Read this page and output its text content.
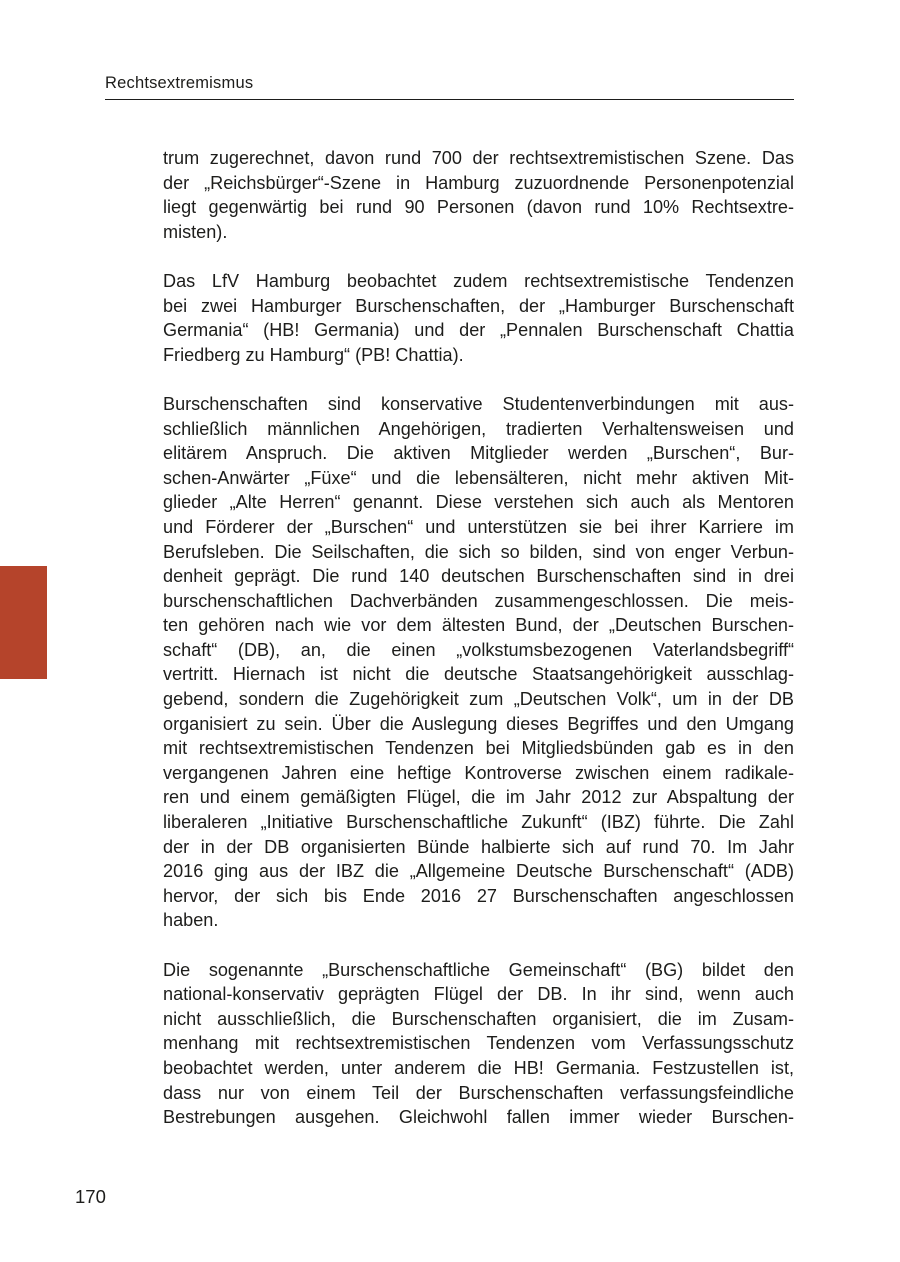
Rechtsextremismus
trum zugerechnet, davon rund 700 der rechtsextremistischen Szene. Das
der „Reichsbürger“-Szene in Hamburg zuzuordnende Personenpotenzial
liegt gegenwärtig bei rund 90 Personen (davon rund 10% Rechtsextre-
misten).
Das LfV Hamburg beobachtet zudem rechtsextremistische Tendenzen
bei zwei Hamburger Burschenschaften, der „Hamburger Burschenschaft
Germania“ (HB! Germania) und der „Pennalen Burschenschaft Chattia
Friedberg zu Hamburg“ (PB! Chattia).
Burschenschaften sind konservative Studentenverbindungen mit aus-
schließlich männlichen Angehörigen, tradierten Verhaltensweisen und
elitärem Anspruch. Die aktiven Mitglieder werden „Burschen“, Bur-
schen-Anwärter „Füxe“ und die lebensälteren, nicht mehr aktiven Mit-
glieder „Alte Herren“ genannt. Diese verstehen sich auch als Mentoren
und Förderer der „Burschen“ und unterstützen sie bei ihrer Karriere im
Berufsleben. Die Seilschaften, die sich so bilden, sind von enger Verbun-
denheit geprägt. Die rund 140 deutschen Burschenschaften sind in drei
burschenschaftlichen Dachverbänden zusammengeschlossen. Die meis-
ten gehören nach wie vor dem ältesten Bund, der „Deutschen Burschen-
schaft“ (DB), an, die einen „volkstumsbezogenen Vaterlandsbegriff“
vertritt. Hiernach ist nicht die deutsche Staatsangehörigkeit ausschlag-
gebend, sondern die Zugehörigkeit zum „Deutschen Volk“, um in der DB
organisiert zu sein. Über die Auslegung dieses Begriffes und den Umgang
mit rechtsextremistischen Tendenzen bei Mitgliedsbünden gab es in den
vergangenen Jahren eine heftige Kontroverse zwischen einem radikale-
ren und einem gemäßigten Flügel, die im Jahr 2012 zur Abspaltung der
liberaleren „Initiative Burschenschaftliche Zukunft“ (IBZ) führte. Die Zahl
der in der DB organisierten Bünde halbierte sich auf rund 70. Im Jahr
2016 ging aus der IBZ die „Allgemeine Deutsche Burschenschaft“ (ADB)
hervor, der sich bis Ende 2016 27 Burschenschaften angeschlossen
haben.
Die sogenannte „Burschenschaftliche Gemeinschaft“ (BG) bildet den
national-konservativ geprägten Flügel der DB. In ihr sind, wenn auch
nicht ausschließlich, die Burschenschaften organisiert, die im Zusam-
menhang mit rechtsextremistischen Tendenzen vom Verfassungsschutz
beobachtet werden, unter anderem die HB! Germania. Festzustellen ist,
dass nur von einem Teil der Burschenschaften verfassungsfeindliche
Bestrebungen ausgehen. Gleichwohl fallen immer wieder Burschen-
170
